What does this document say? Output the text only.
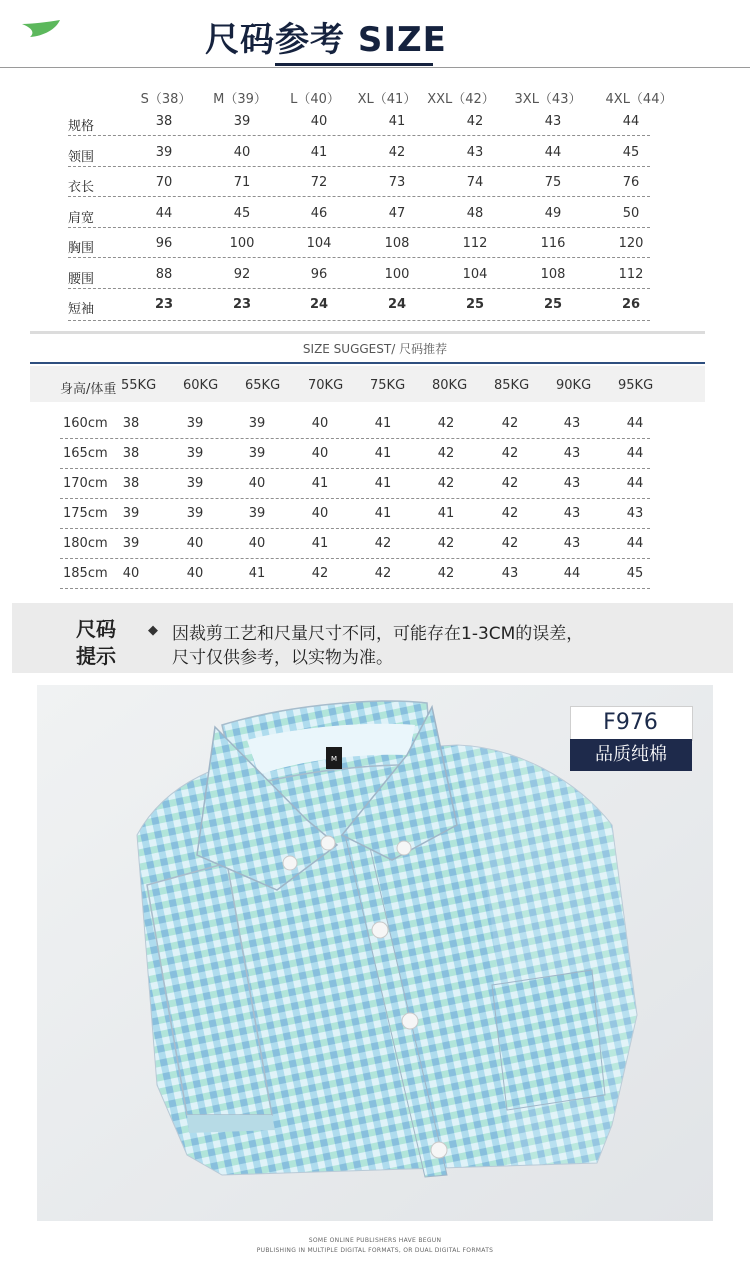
尺码参考 SIZE
S（38）	M（39）	L（40）	XL（41） XXL（42） 3XL（43） 4XL（44）
规格	38	39	40	41	42	43	44
领围	39	40	41	42	43	44	45
衣长	70	71	72	73	74	75	76
肩宽	44	45	46	47	48	49	50
胸围	96	100	104	108	112	116	120
腰围	88	92	96	100	104	108	112
短袖	23	23	24	24	25	25	26
SIZE SUGGEST/ 尺码推荐
身高/体重 55KG 60KG 65KG 70KG 75KG 80KG 85KG 90KG 95KG
160cm	38	39	39	40	41	42	42	43	44
165cm	38	39	39	40	41	42	42	43	44
170cm	38	39	40	41	41	42	42	43	44
175cm	39	39	39	40	41	41	42	43	43
180cm	39	40	40	41	42	42	42	43	44
185cm	40	40	41	42	42	42	43	44	45
尺码
提示
◆ 因裁剪工艺和尺量尺寸不同，可能存在1-3CM的误差，
尺寸仅供参考，以实物为准。
M
F976
品质纯棉
SOME ONLINE PUBLISHERS HAVE BEGUN
PUBLISHING IN MULTIPLE DIGITAL FORMATS, OR DUAL DIGITAL FORMATS
